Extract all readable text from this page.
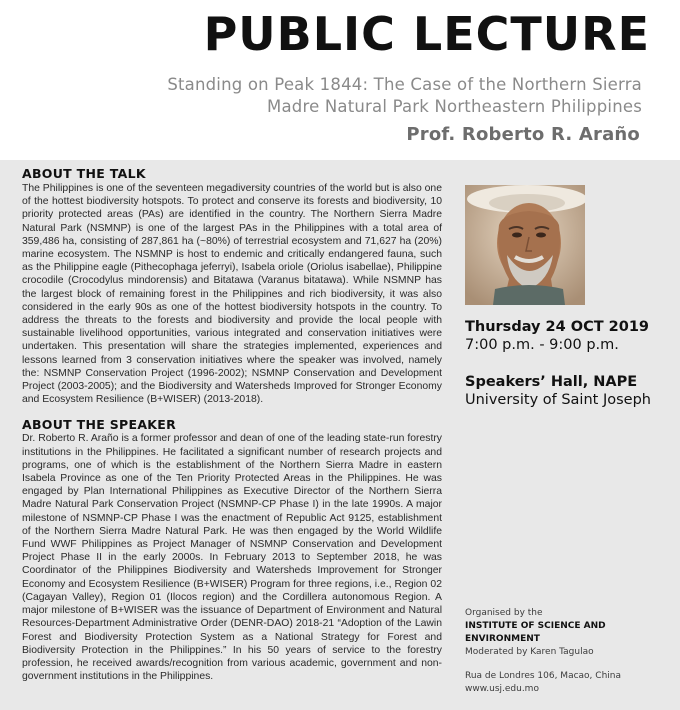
PUBLIC LECTURE
Standing on Peak 1844: The Case of the Northern Sierra
Madre Natural Park Northeastern Philippines
Prof. Roberto R. Araño
ABOUT THE TALK

The Philippines is one of the seventeen megadiversity countries of the world but is also one of the hottest biodiversity hotspots. To protect and conserve its forests and biodiversity, 10 priority protected areas (PAs) are identified in the country. The Northern Sierra Madre Natural Park (NSMNP) is one of the largest PAs in the Philippines with a total area of 359,486 ha, consisting of 287,861 ha (~80%) of terrestrial ecosystem and 71,627 ha (20%) marine ecosystem. The NSMNP is host to endemic and critically endangered fauna, such as the Philippine eagle (Pithecophaga jeferryi), Isabela oriole (Oriolus isabellae), Philippine crocodile (Crocodylus mindorensis) and Bitatawa (Varanus bitatawa). While NSMNP has the largest block of remaining forest in the Philippines and rich biodiversity, it was also considered in the early 90s as one of the hottest biodiversity hotspots in the country. To address the threats to the forests and biodiversity and provide the local people with sustainable livelihood opportunities, various integrated and conservation initiatives were undertaken. This presentation will share the strategies implemented, experiences and lessons learned from 3 conservation initiatives where the speaker was involved, namely the: NSMNP Conservation Project (1996-2002); NSMNP Conservation and Development Project (2003-2005); and the Biodiversity and Watersheds Improved for Stronger Economy and Ecosystem Resilience (B+WISER) (2013-2018).

ABOUT THE SPEAKER

Dr. Roberto R. Araño is a former professor and dean of one of the leading state-run forestry institutions in the Philippines. He facilitated a significant number of research projects and programs, one of which is the establishment of the Northern Sierra Madre in eastern Isabela Province as one of the Ten Priority Protected Areas in the Philippines. He was engaged by Plan International Philippines as Executive Director of the Northern Sierra Madre Natural Park Conservation Project (NSMNP-CP Phase I) in the late 1990s. A major milestone of NSMNP-CP Phase I was the enactment of Republic Act 9125, establishment of the Northern Sierra Madre Natural Park. He was then engaged by the World Wildlife Fund WWF Philippines as Project Manager of NSMNP Conservation and Development Project Phase II in the early 2000s. In February 2013 to September 2018, he was Coordinator of the Philippines Biodiversity and Watersheds Improvement for Stronger Economy and Ecosystem Resilience (B+WISER) Program for three regions, i.e., Region 02 (Cagayan Valley), Region 01 (Ilocos region) and the Cordillera autonomous Region. A major milestone of B+WISER was the issuance of Department of Environment and Natural Resources-Department Administrative Order (DENR-DAO) 2018-21 “Adoption of the Lawin Forest and Biodiversity Protection System as a National Strategy for Forest and Biodiversity Protection in the Philippines.” In his 50 years of service to the forestry profession, he received awards/recognition from various academic, government and non-government institutions in the Philippines.

Thursday 24 OCT 2019

7:00 p.m. - 9:00 p.m.

Speakers’ Hall, NAPE

University of Saint Joseph

Organised by the
INSTITUTE OF SCIENCE AND ENVIRONMENT
Moderated by Karen Tagulao
Rua de Londres 106, Macao, China
www.usj.edu.mo
